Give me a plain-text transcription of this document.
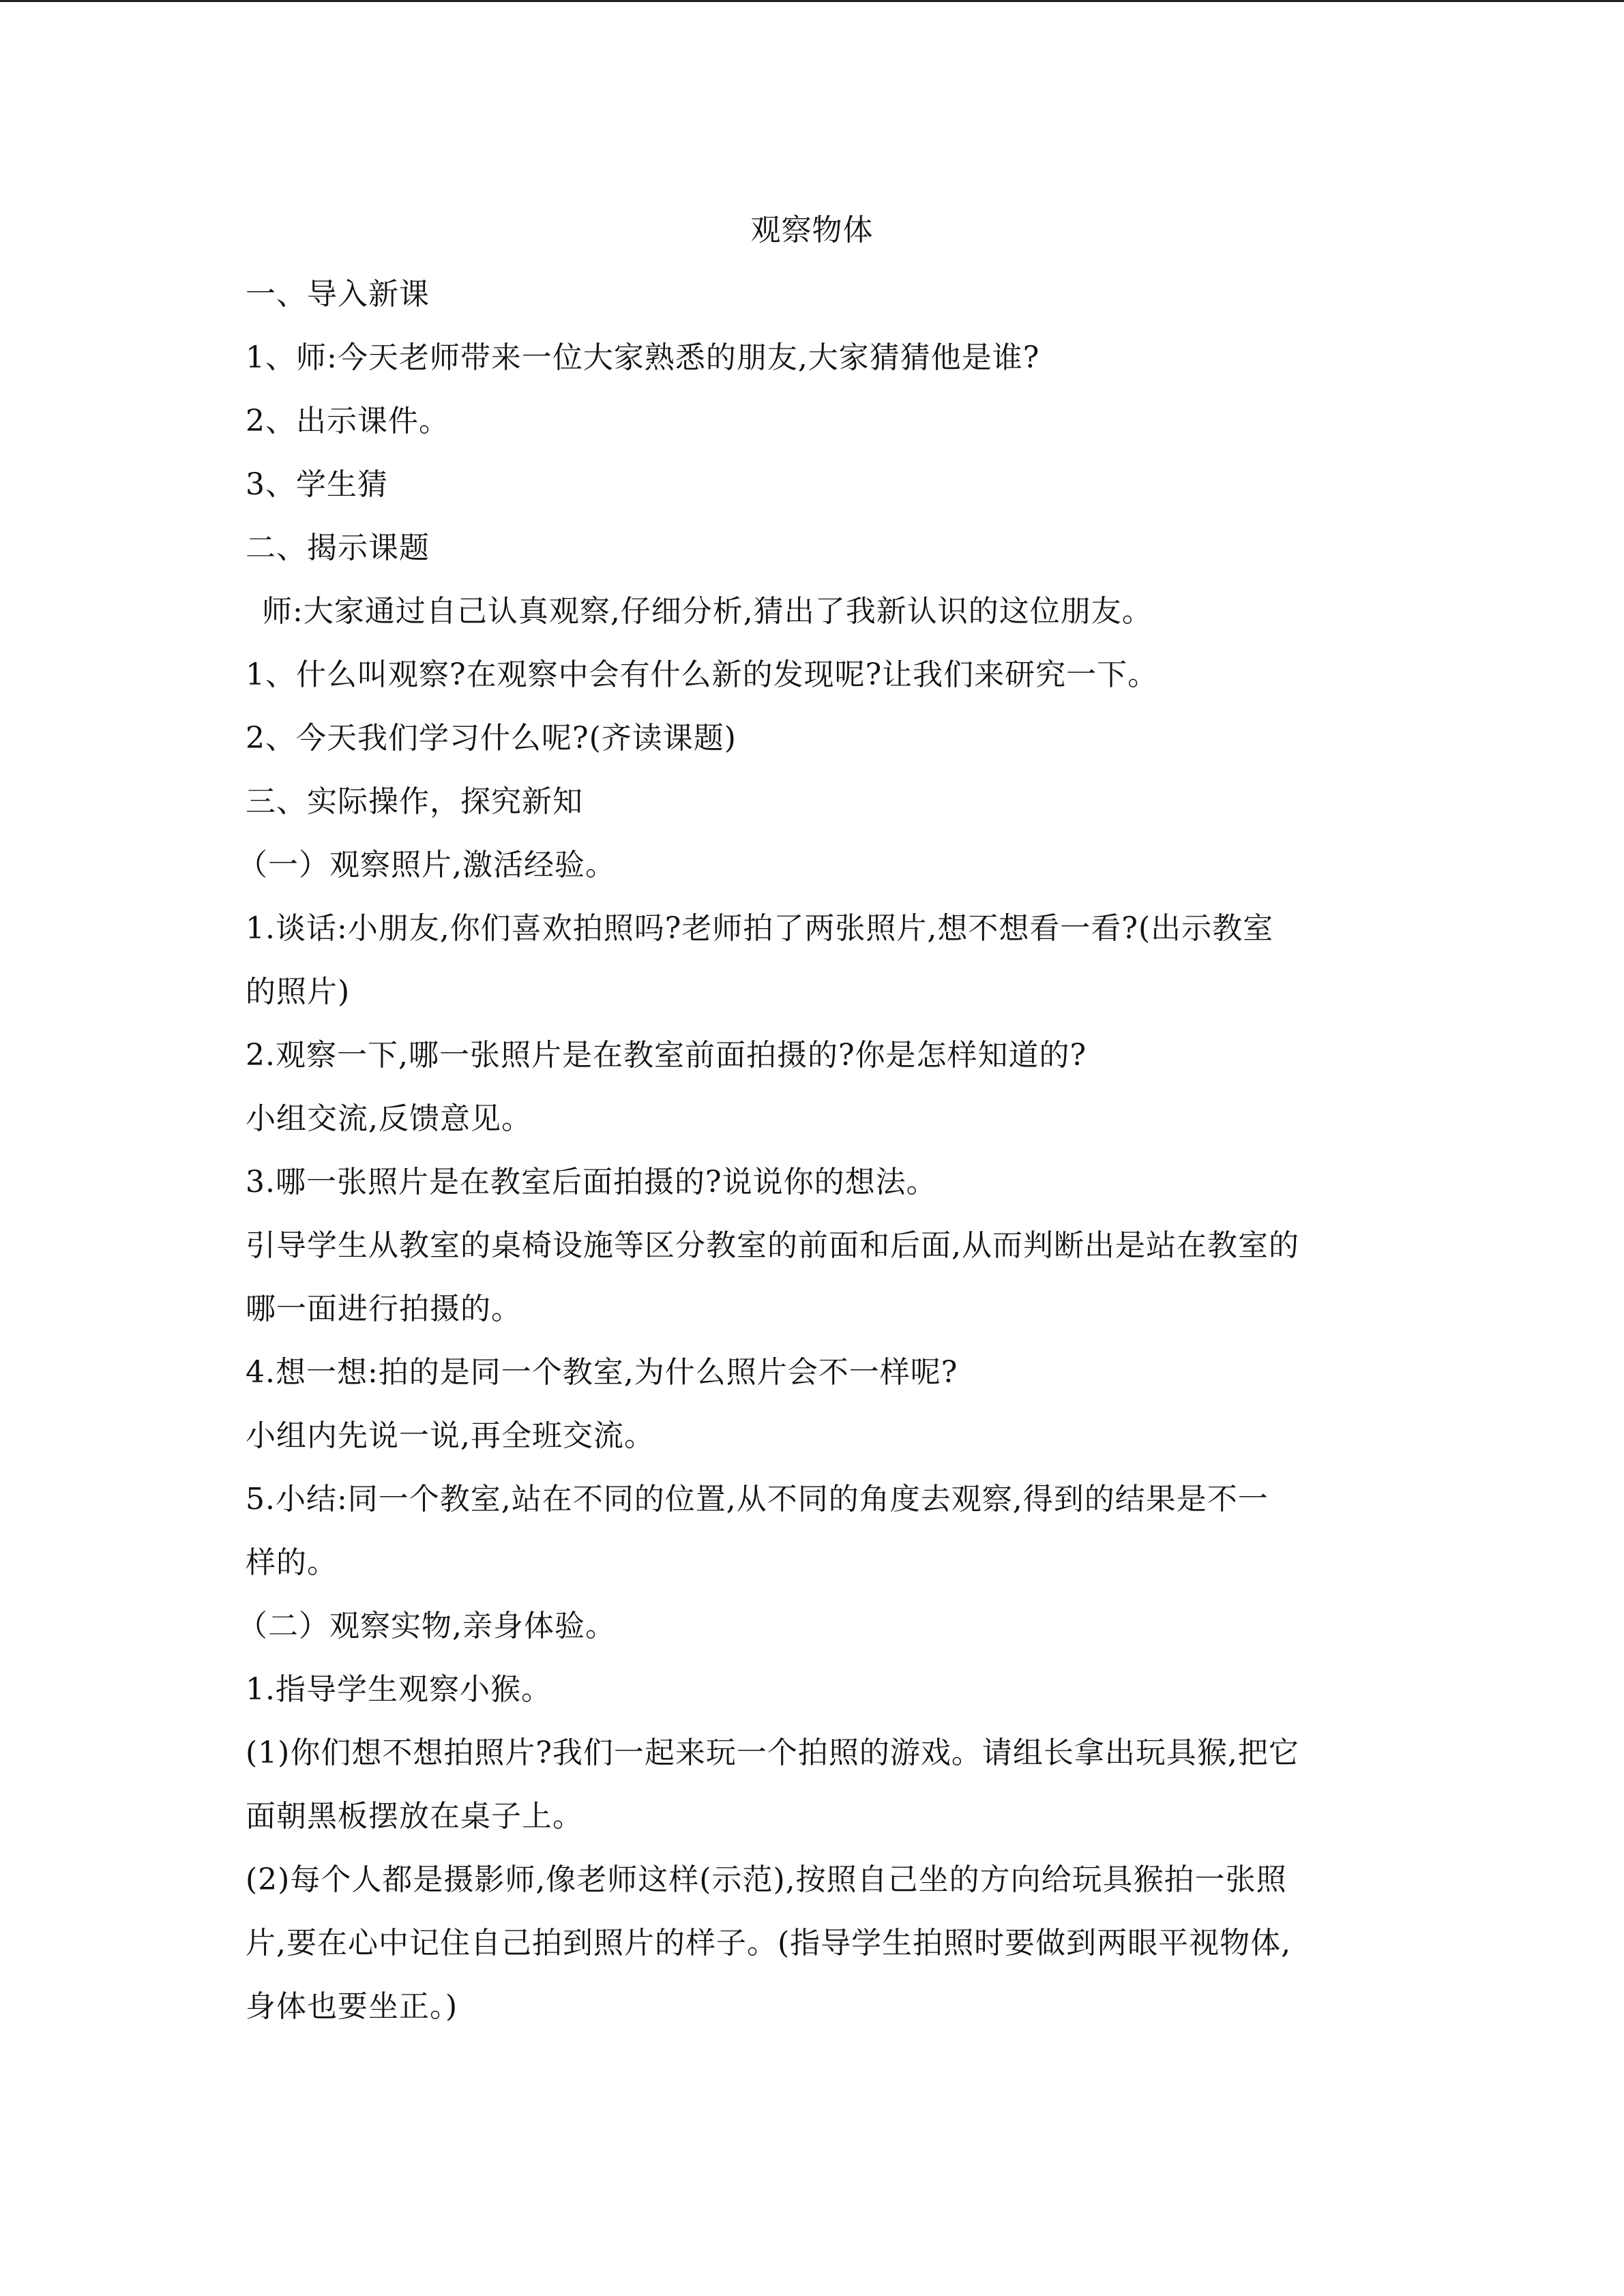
观察物体
一、导入新课
1、师:今天老师带来一位大家熟悉的朋友,大家猜猜他是谁?
2、出示课件。
3、学生猜
二、揭示课题
师:大家通过自己认真观察,仔细分析,猜出了我新认识的这位朋友。
1、什么叫观察?在观察中会有什么新的发现呢?让我们来研究一下。
2、今天我们学习什么呢?(齐读课题)
三、实际操作，探究新知
（一）观察照片,激活经验。
1.谈话:小朋友,你们喜欢拍照吗?老师拍了两张照片,想不想看一看?(出示教室
的照片)
2.观察一下,哪一张照片是在教室前面拍摄的?你是怎样知道的?
小组交流,反馈意见。
3.哪一张照片是在教室后面拍摄的?说说你的想法。
引导学生从教室的桌椅设施等区分教室的前面和后面,从而判断出是站在教室的
哪一面进行拍摄的。
4.想一想:拍的是同一个教室,为什么照片会不一样呢?
小组内先说一说,再全班交流。
5.小结:同一个教室,站在不同的位置,从不同的角度去观察,得到的结果是不一
样的。
（二）观察实物,亲身体验。
1.指导学生观察小猴。
(1)你们想不想拍照片?我们一起来玩一个拍照的游戏。请组长拿出玩具猴,把它
面朝黑板摆放在桌子上。
(2)每个人都是摄影师,像老师这样(示范),按照自己坐的方向给玩具猴拍一张照
片,要在心中记住自己拍到照片的样子。(指导学生拍照时要做到两眼平视物体,
身体也要坐正。)
